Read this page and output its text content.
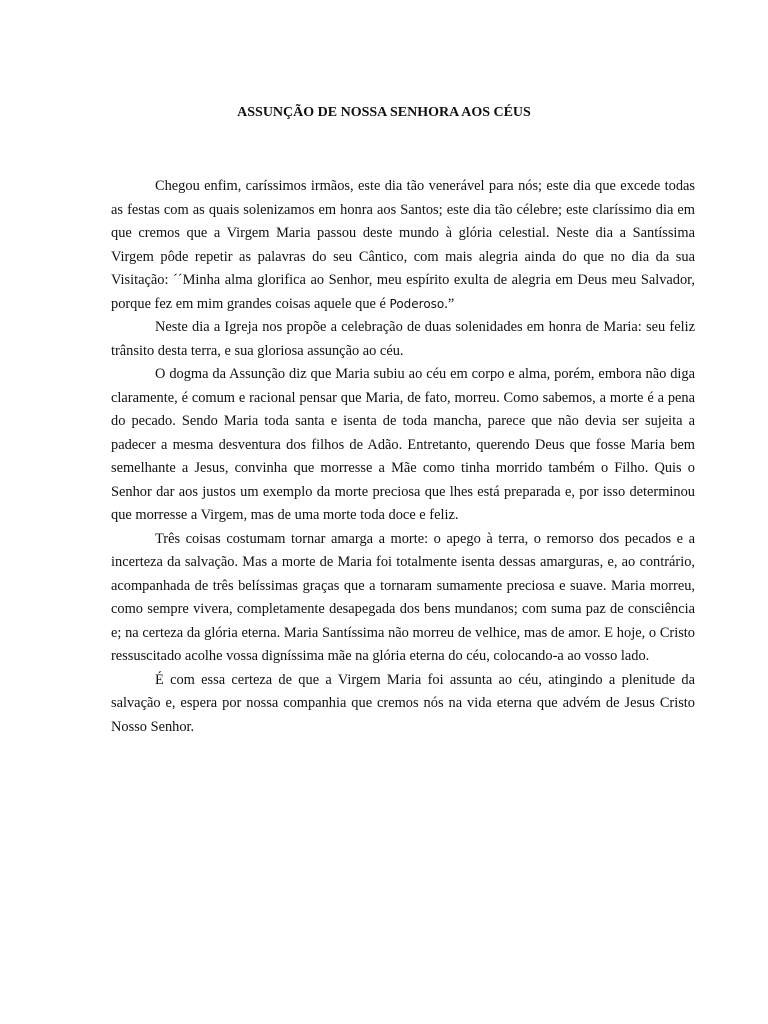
ASSUNÇÃO DE NOSSA SENHORA AOS CÉUS

Chegou enfim, caríssimos irmãos, este dia tão venerável para nós; este dia que excede todas as festas com as quais solenizamos em honra aos Santos; este dia tão célebre; este claríssimo dia em que cremos que a Virgem Maria passou deste mundo à glória celestial. Neste dia a Santíssima Virgem pôde repetir as palavras do seu Cântico, com mais alegria ainda do que no dia da sua Visitação: ´´Minha alma glorifica ao Senhor, meu espírito exulta de alegria em Deus meu Salvador, porque fez em mim grandes coisas aquele que é Poderoso.”

Neste dia a Igreja nos propõe a celebração de duas solenidades em honra de Maria: seu feliz trânsito desta terra, e sua gloriosa assunção ao céu.

O dogma da Assunção diz que Maria subiu ao céu em corpo e alma, porém, embora não diga claramente, é comum e racional pensar que Maria, de fato, morreu. Como sabemos, a morte é a pena do pecado. Sendo Maria toda santa e isenta de toda mancha, parece que não devia ser sujeita a padecer a mesma desventura dos filhos de Adão. Entretanto, querendo Deus que fosse Maria bem semelhante a Jesus, convinha que morresse a Mãe como tinha morrido também o Filho. Quis o Senhor dar aos justos um exemplo da morte preciosa que lhes está preparada e, por isso determinou que morresse a Virgem, mas de uma morte toda doce e feliz.

Três coisas costumam tornar amarga a morte: o apego à terra, o remorso dos pecados e a incerteza da salvação. Mas a morte de Maria foi totalmente isenta dessas amarguras, e, ao contrário, acompanhada de três belíssimas graças que a tornaram sumamente preciosa e suave. Maria morreu, como sempre vivera, completamente desapegada dos bens mundanos; com suma paz de consciência e; na certeza da glória eterna. Maria Santíssima não morreu de velhice, mas de amor. E hoje, o Cristo ressuscitado acolhe vossa digníssima mãe na glória eterna do céu, colocando-a ao vosso lado.

É com essa certeza de que a Virgem Maria foi assunta ao céu, atingindo a plenitude da salvação e, espera por nossa companhia que cremos nós na vida eterna que advém de Jesus Cristo Nosso Senhor.
